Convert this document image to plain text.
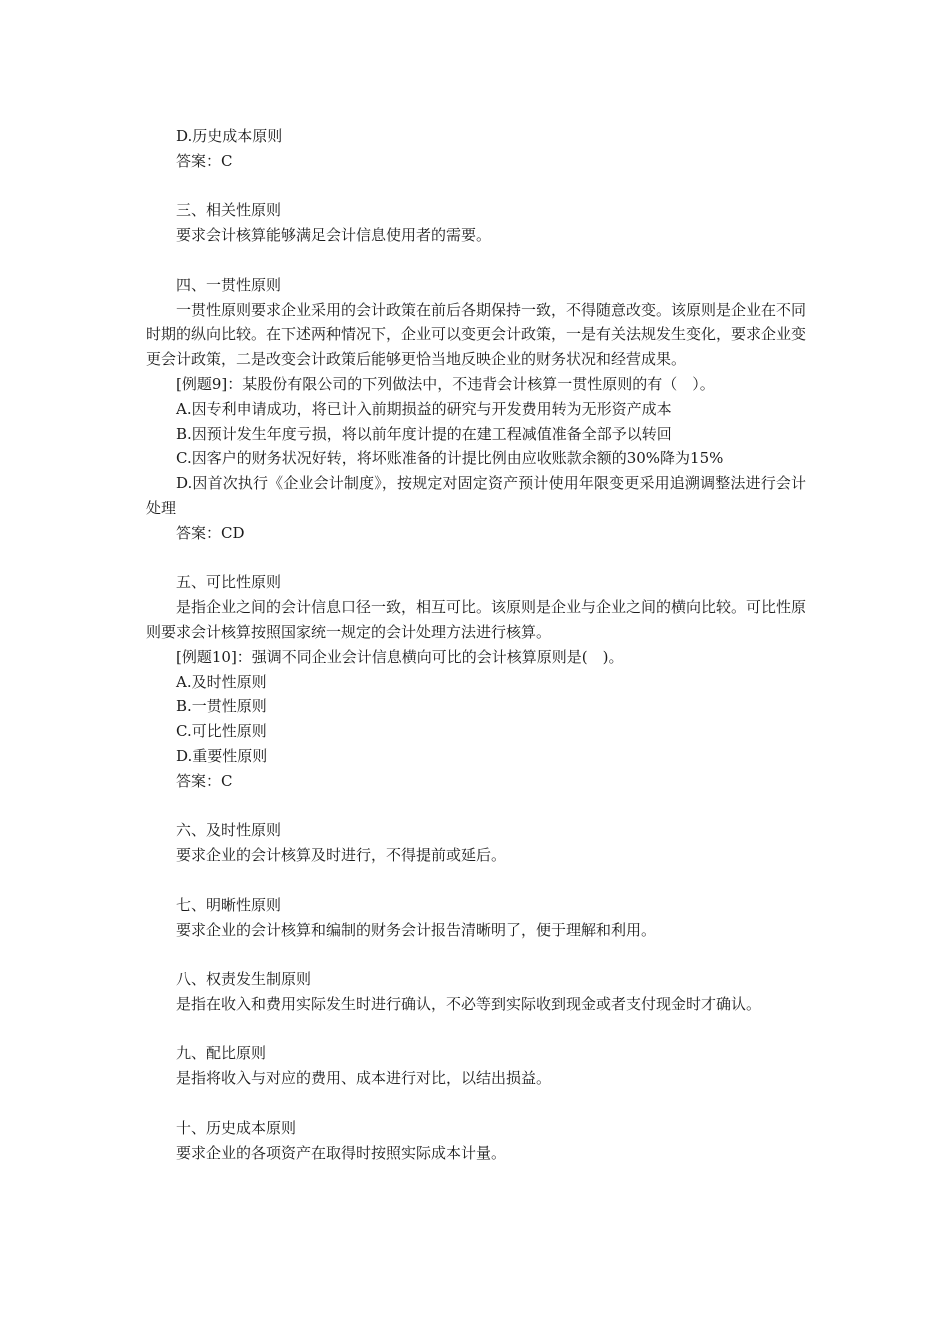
D.历史成本原则
答案：C
三、相关性原则
要求会计核算能够满足会计信息使用者的需要。
四、一贯性原则

一贯性原则要求企业采用的会计政策在前后各期保持一致，不得随意改变。该原则是企业在不同时期的纵向比较。在下述两种情况下，企业可以变更会计政策，一是有关法规发生变化，要求企业变更会计政策，二是改变会计政策后能够更恰当地反映企业的财务状况和经营成果。

[例题9]：某股份有限公司的下列做法中，不违背会计核算一贯性原则的有（　）。
A.因专利申请成功，将已计入前期损益的研究与开发费用转为无形资产成本
B.因预计发生年度亏损，将以前年度计提的在建工程减值准备全部予以转回
C.因客户的财务状况好转，将坏账准备的计提比例由应收账款余额的30%降为15%

D.因首次执行《企业会计制度》，按规定对固定资产预计使用年限变更采用追溯调整法进行会计处理

答案：CD
五、可比性原则

是指企业之间的会计信息口径一致，相互可比。该原则是企业与企业之间的横向比较。可比性原则要求会计核算按照国家统一规定的会计处理方法进行核算。

[例题10]：强调不同企业会计信息横向可比的会计核算原则是(　)。
A.及时性原则
B.一贯性原则
C.可比性原则
D.重要性原则
答案：C
六、及时性原则
要求企业的会计核算及时进行，不得提前或延后。
七、明晰性原则
要求企业的会计核算和编制的财务会计报告清晰明了，便于理解和利用。
八、权责发生制原则

是指在收入和费用实际发生时进行确认，不必等到实际收到现金或者支付现金时才确认。

九、配比原则
是指将收入与对应的费用、成本进行对比，以结出损益。
十、历史成本原则
要求企业的各项资产在取得时按照实际成本计量。
